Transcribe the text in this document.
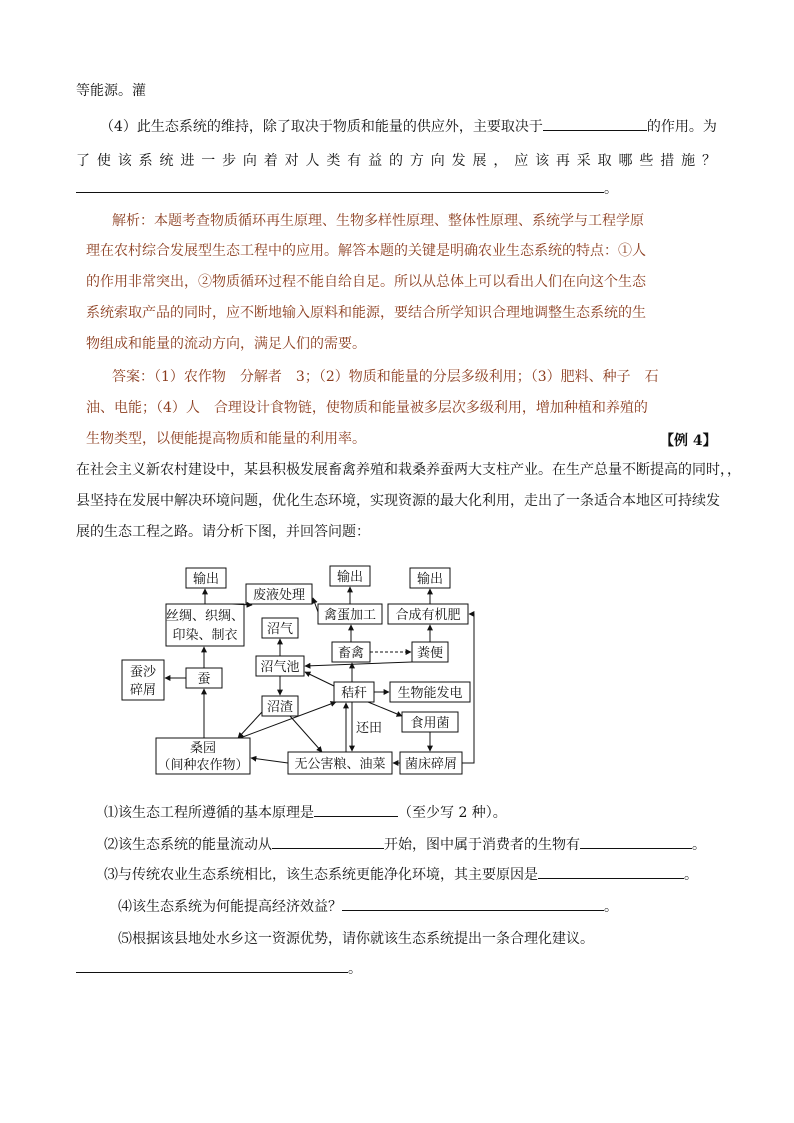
等能源。灌
（4）此生态系统的维持，除了取决于物质和能量的供应外，主要取决于	的作用。为
了使该系统进一步向着对人类有益的方向发展，应该再采取哪些措施？
。
解析：本题考查物质循环再生原理、生物多样性原理、整体性原理、系统学与工程学原
理在农村综合发展型生态工程中的应用。解答本题的关键是明确农业生态系统的特点：①人
的作用非常突出，②物质循环过程不能自给自足。所以从总体上可以看出人们在向这个生态
系统索取产品的同时，应不断地输入原料和能源，要结合所学知识合理地调整生态系统的生
物组成和能量的流动方向，满足人们的需要。
答案：（1）农作物　分解者　3；（2）物质和能量的分层多级利用；（3）肥料、种子　石
油、电能；（4）人　合理设计食物链，使物质和能量被多层次多级利用，增加种植和养殖的
生物类型，以便能提高物质和能量的利用率。	【例 4】
在社会主义新农村建设中，某县积极发展畜禽养殖和栽桑养蚕两大支柱产业。在生产总量不断提高的同时，，
县坚持在发展中解决环境问题，优化生态环境，实现资源的最大化利用，走出了一条适合本地区可持续发
展的生态工程之路。请分析下图，并回答问题：
输出
废液处理
输出	输出
丝绸、织绸、
印染、制衣
禽蛋加工 合成有机肥
沼气
畜禽	粪便
蚕沙
碎屑
蚕
沼气池
秸秆 生物能发电
沼渣
食用菌
还田
桑园
（间种农作物）	无公害粮、油菜 菌床碎屑
⑴该生态工程所遵循的基本原理是	（至少写 2 种）。
⑵该生态系统的能量流动从	开始，图中属于消费者的生物有	。
⑶与传统农业生态系统相比，该生态系统更能净化环境，其主要原因是	。
⑷该生态系统为何能提高经济效益？	。
⑸根据该县地处水乡这一资源优势，请你就该生态系统提出一条合理化建议。
。
